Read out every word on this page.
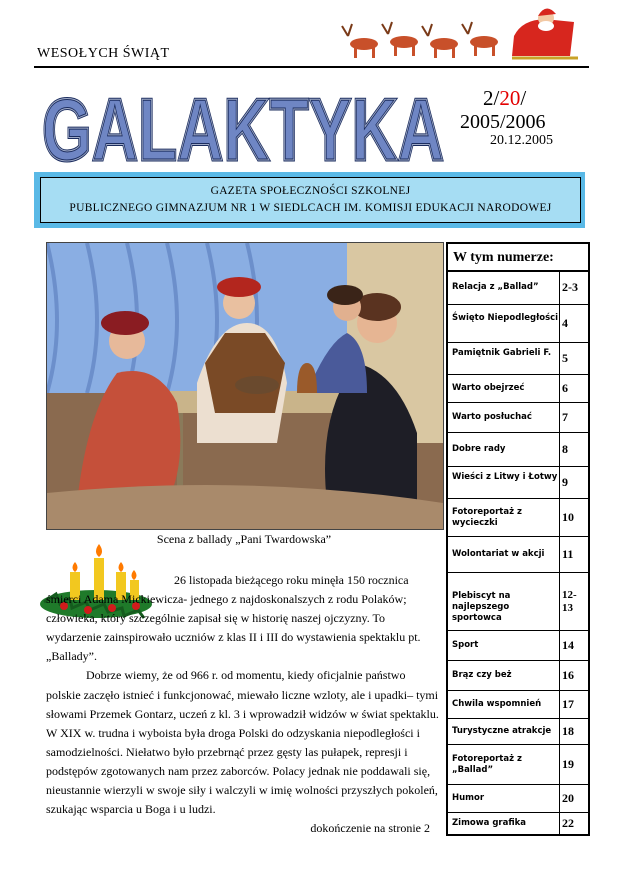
WESOŁYCH ŚWIĄT
GALAKTYKA
GALAKTYKA 2/20/
2005/2006
20.12.2005
GAZETA SPOŁECZNOŚCI SZKOLNEJ
PUBLICZNEGO GIMNAZJUM NR 1 W SIEDLCACH IM. KOMISJI EDUKACJI NARODOWEJ
Scena z ballady „Pani Twardowska”

26 listopada bieżącego roku minęła 150 rocznica śmierci Adama Mickiewicza- jednego z najdoskonalszych z rodu Polaków; człowieka, który szczególnie zapisał się w historię naszej ojczyzny. To wydarzenie zainspirowało uczniów z klas II i III do wystawienia spektaklu pt. „Ballady”.

Dobrze wiemy, że od 966 r. od momentu, kiedy oficjalnie państwo polskie zaczęło istnieć i funkcjonować, miewało liczne wzloty, ale i upadki– tymi słowami Przemek Gontarz, uczeń z kl. 3 i wprowadził widzów w świat spektaklu. W XIX w. trudna i wyboista była droga Polski do odzyskania niepodległości i samodzielności. Niełatwo było przebrnąć przez gęsty las pułapek, represji i podstępów zgotowanych nam przez zaborców. Polacy jednak nie poddawali się, nieustannie wierzyli w swoje siły i walczyli w imię wolności przyszłych pokoleń, szukając wsparcia u Boga i u ludzi.

dokończenie na stronie 2

W tym numerze:
Relacja z „Ballad”	2-3
Święto Niepodległości 4
Pamiętnik Gabrieli F. 5
Warto obejrzeć	6
Warto posłuchać	7
Dobre rady	8
Wieści z Litwy i Łotwy 9
Fotoreportaż z wycieczki	10
Wolontariat w akcji	11
Plebiscyt na najlepszego sportowca
12-13
Sport	14
Brąz czy beż	16
Chwila wspomnień	17
Turystyczne atrakcje 18
Fotoreportaż z „Ballad”	19
Humor	20
Zimowa grafika	22
